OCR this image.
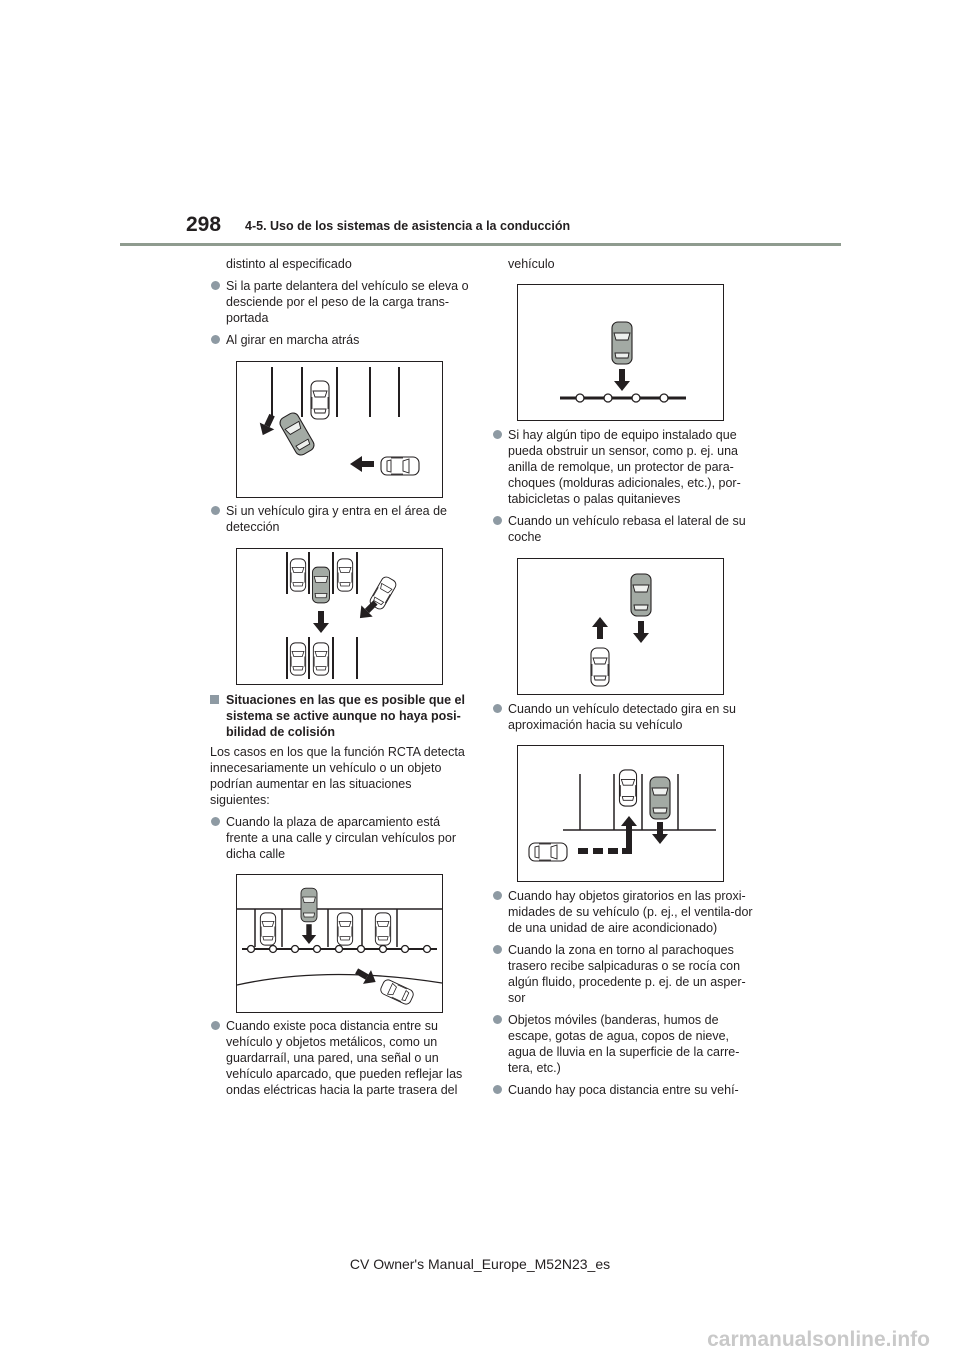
298 4-5. Uso de los sistemas de asistencia a la conducción

distinto al especificado

Si la parte delantera del vehículo se eleva o desciende por el peso de la carga trans-portada

Al girar en marcha atrás

Si un vehículo gira y entra en el área de detección

Situaciones en las que es posible que el sistema se active aunque no haya posi-bilidad de colisión

Los casos en los que la función RCTA detecta innecesariamente un vehículo o un objeto podrían aumentar en las situaciones siguientes:

Cuando la plaza de aparcamiento está frente a una calle y circulan vehículos por dicha calle

Cuando existe poca distancia entre su vehículo y objetos metálicos, como un guardarraíl, una pared, una señal o un vehículo aparcado, que pueden reflejar las ondas eléctricas hacia la parte trasera del

vehículo

Si hay algún tipo de equipo instalado que pueda obstruir un sensor, como p. ej. una anilla de remolque, un protector de para-choques (molduras adicionales, etc.), por-tabicicletas o palas quitanieves

Cuando un vehículo rebasa el lateral de su coche

Cuando un vehículo detectado gira en su aproximación hacia su vehículo

Cuando hay objetos giratorios en las proxi-midades de su vehículo (p. ej., el ventila-dor de una unidad de aire acondicionado)

Cuando la zona en torno al parachoques trasero recibe salpicaduras o se rocía con algún fluido, procedente p. ej. de un asper-sor

Objetos móviles (banderas, humos de escape, gotas de agua, copos de nieve, agua de lluvia en la superficie de la carre-tera, etc.)

Cuando hay poca distancia entre su vehí-

CV Owner's Manual_Europe_M52N23_es
carmanualsonline.info
